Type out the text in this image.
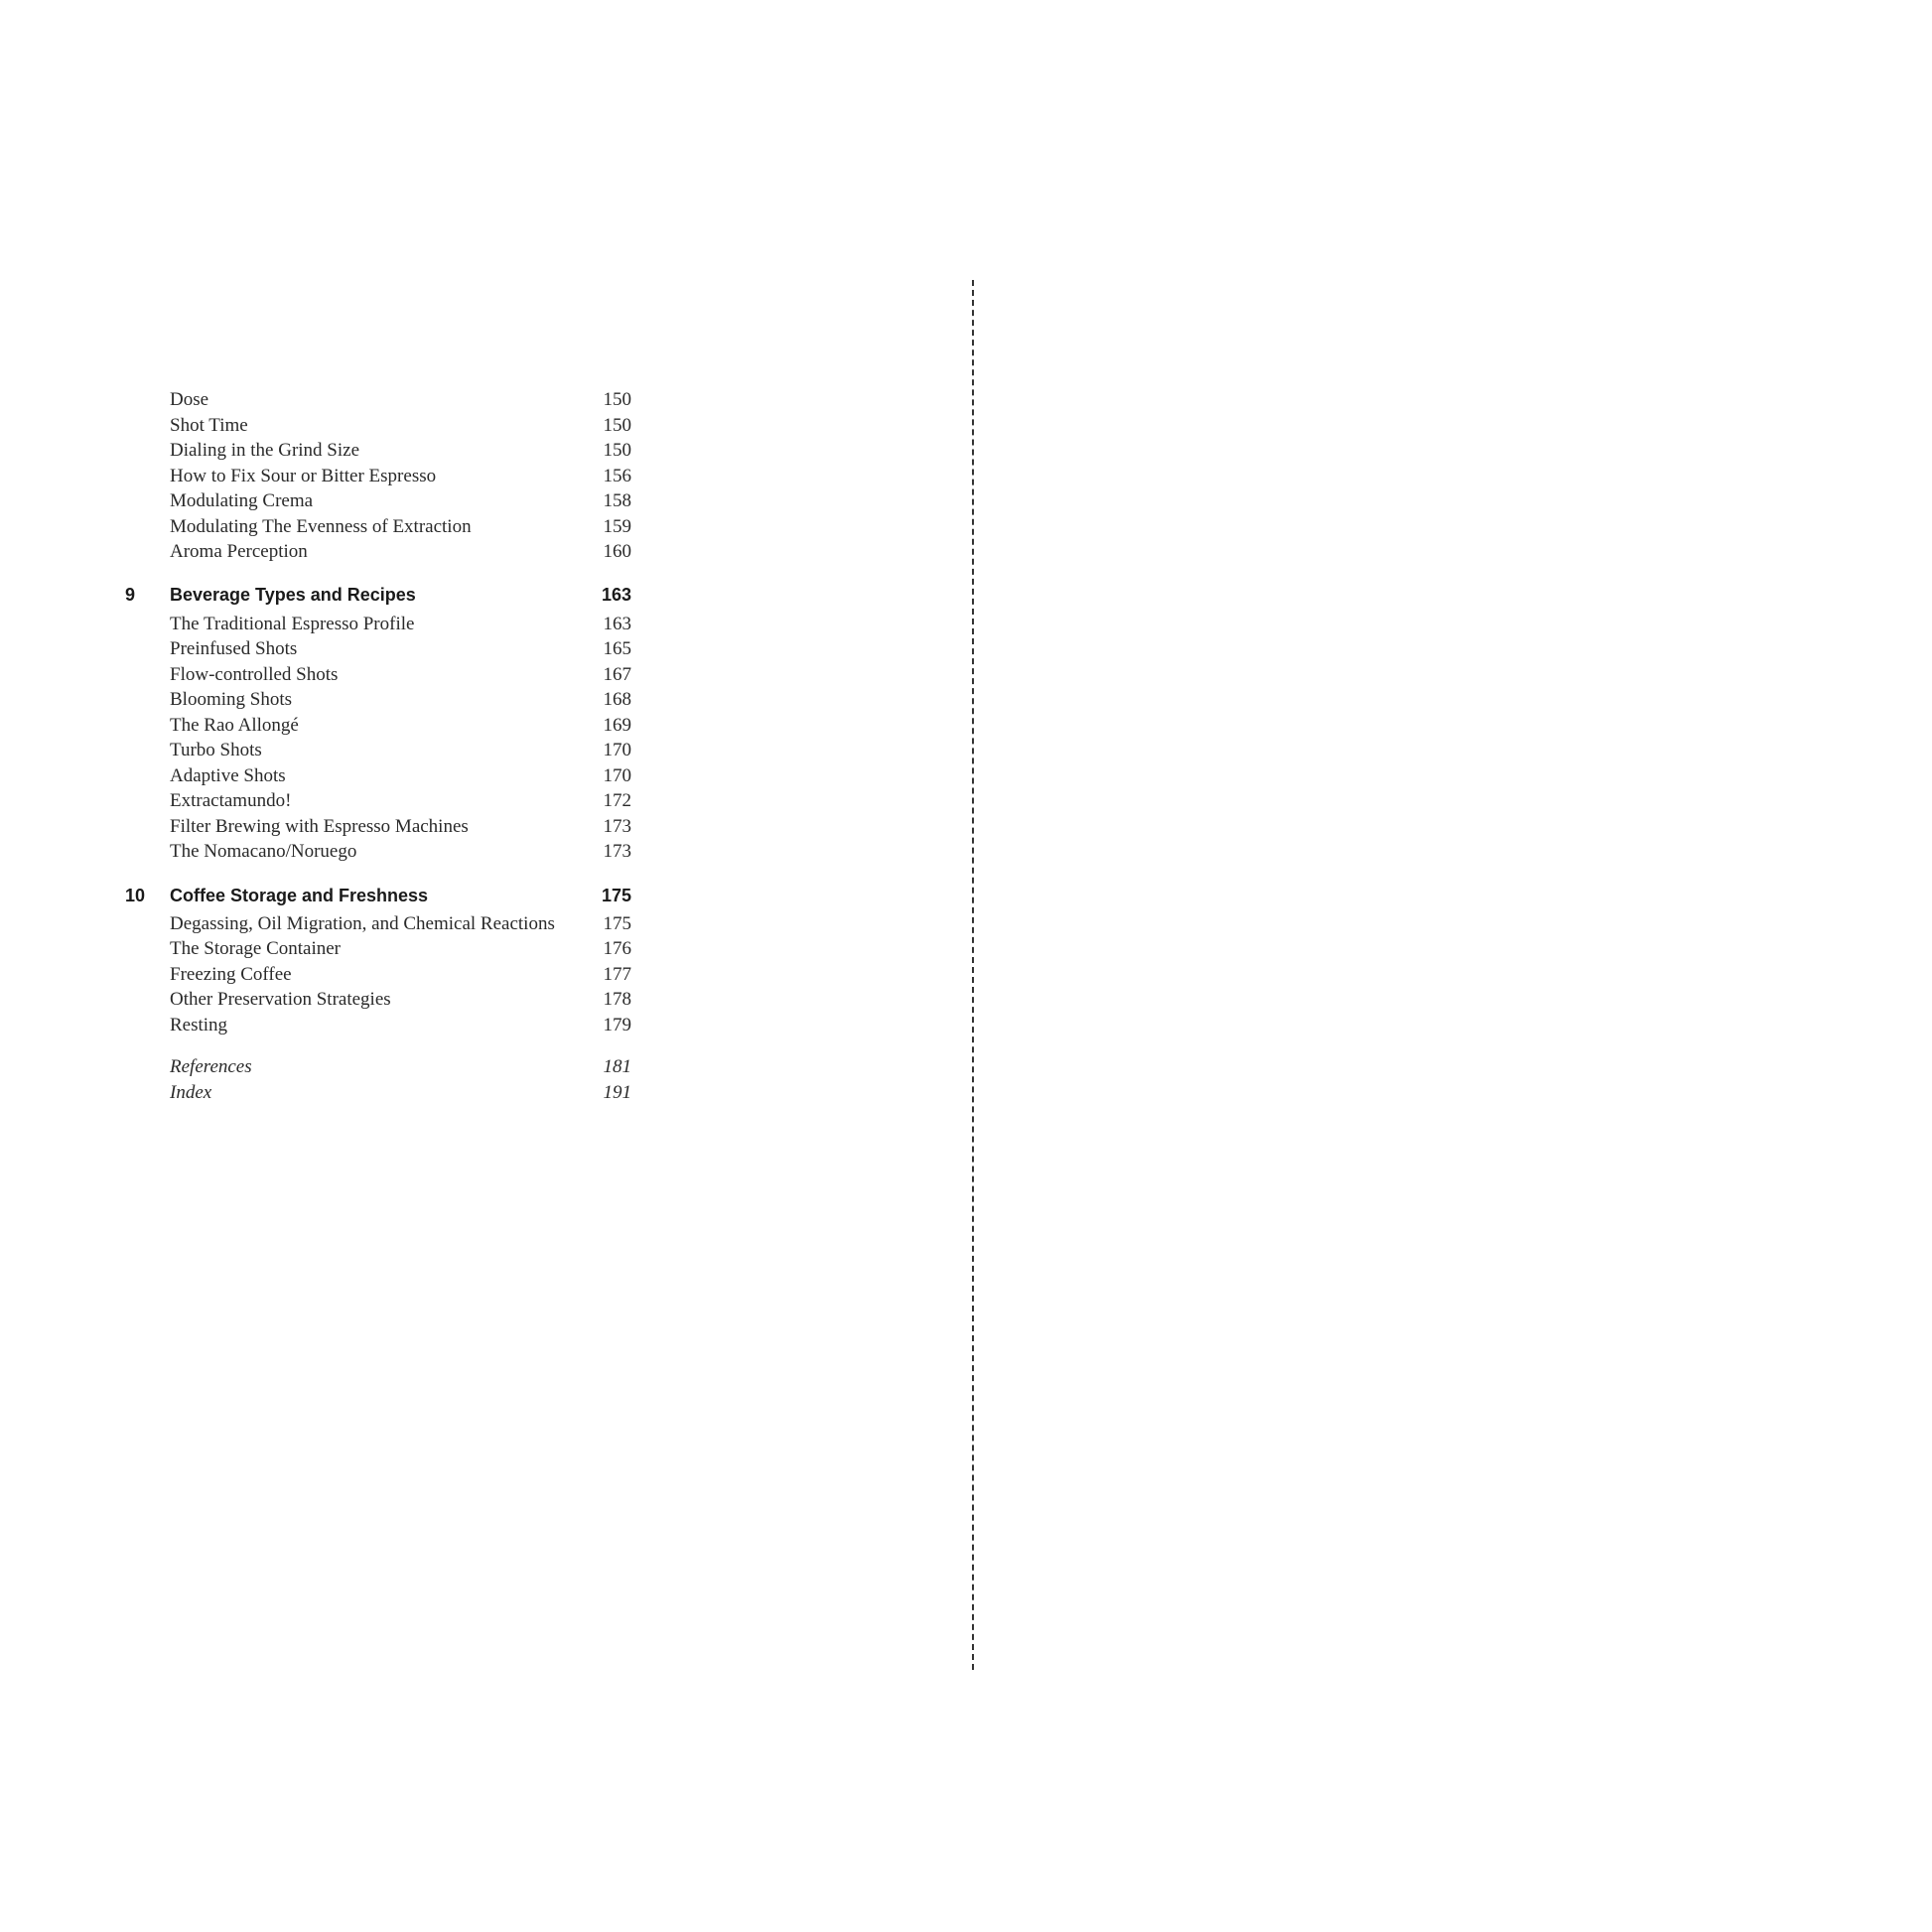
Dose	150
Shot Time	150
Dialing in the Grind Size	150
How to Fix Sour or Bitter Espresso	156
Modulating Crema	158
Modulating The Evenness of Extraction	159
Aroma Perception	160
9 Beverage Types and Recipes	163
The Traditional Espresso Profile	163
Preinfused Shots	165
Flow-controlled Shots	167
Blooming Shots	168
The Rao Allongé	169
Turbo Shots	170
Adaptive Shots	170
Extractamundo!	172
Filter Brewing with Espresso Machines	173
The Nomacano/Noruego	173
10 Coffee Storage and Freshness	175
Degassing, Oil Migration, and Chemical Reactions	175
The Storage Container	176
Freezing Coffee	177
Other Preservation Strategies	178
Resting	179
References	181
Index	191
